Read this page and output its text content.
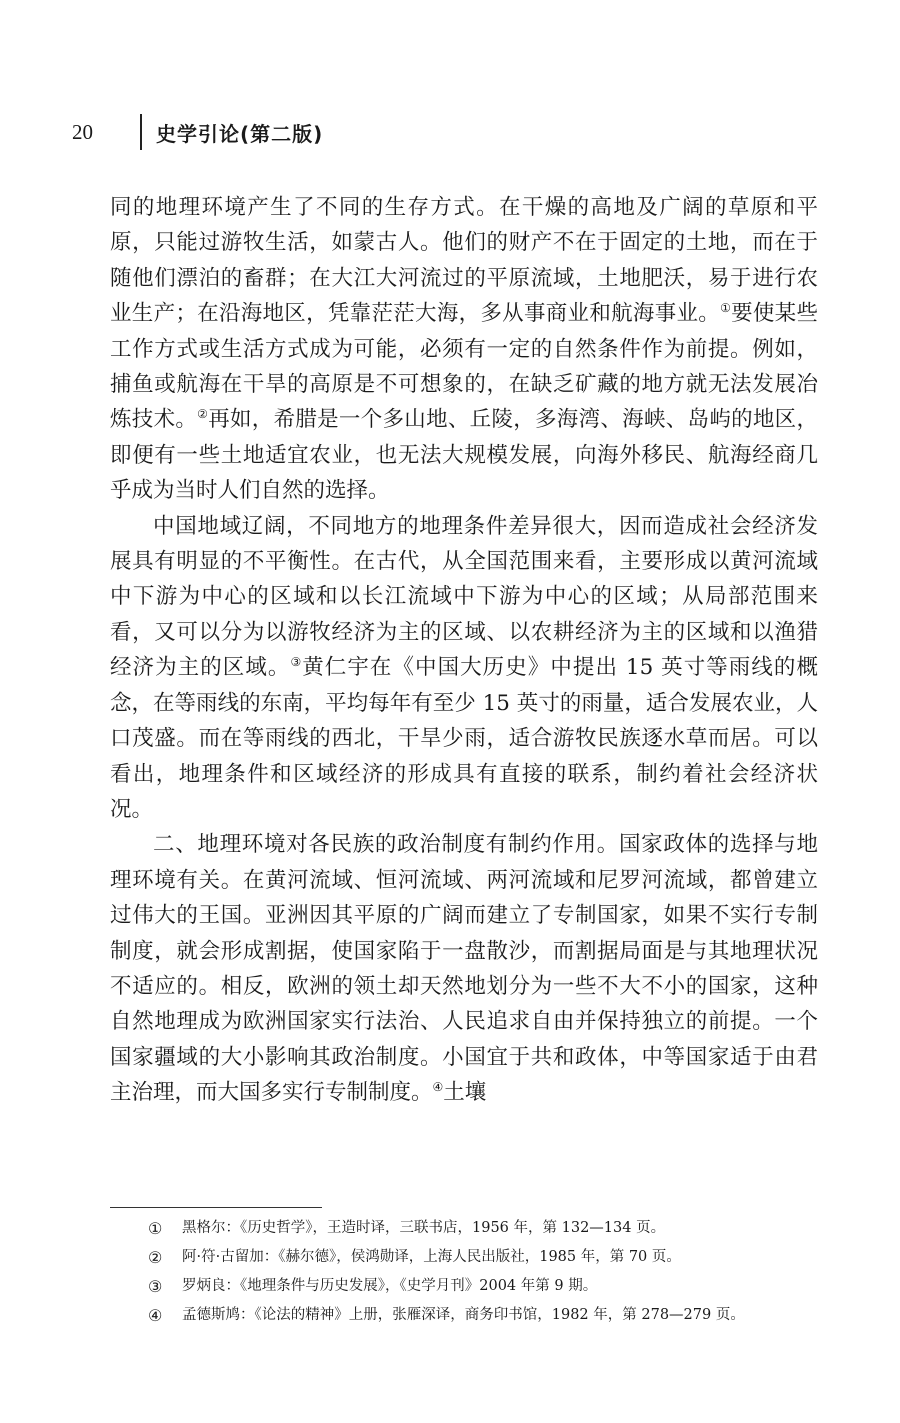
20	史学引论(第二版)

同的地理环境产生了不同的生存方式。在干燥的高地及广阔的草原和平原，只能过游牧生活，如蒙古人。他们的财产不在于固定的土地，而在于随他们漂泊的畜群；在大江大河流过的平原流域，土地肥沃，易于进行农业生产；在沿海地区，凭靠茫茫大海，多从事商业和航海事业。①要使某些工作方式或生活方式成为可能，必须有一定的自然条件作为前提。例如，捕鱼或航海在干旱的高原是不可想象的，在缺乏矿藏的地方就无法发展冶炼技术。②再如，希腊是一个多山地、丘陵，多海湾、海峡、岛屿的地区，即便有一些土地适宜农业，也无法大规模发展，向海外移民、航海经商几乎成为当时人们自然的选择。

中国地域辽阔，不同地方的地理条件差异很大，因而造成社会经济发展具有明显的不平衡性。在古代，从全国范围来看，主要形成以黄河流域中下游为中心的区域和以长江流域中下游为中心的区域；从局部范围来看，又可以分为以游牧经济为主的区域、以农耕经济为主的区域和以渔猎经济为主的区域。③黄仁宇在《中国大历史》中提出 15 英寸等雨线的概念，在等雨线的东南，平均每年有至少 15 英寸的雨量，适合发展农业，人口茂盛。而在等雨线的西北，干旱少雨，适合游牧民族逐水草而居。可以看出，地理条件和区域经济的形成具有直接的联系，制约着社会经济状况。

二、地理环境对各民族的政治制度有制约作用。国家政体的选择与地理环境有关。在黄河流域、恒河流域、两河流域和尼罗河流域，都曾建立过伟大的王国。亚洲因其平原的广阔而建立了专制国家，如果不实行专制制度，就会形成割据，使国家陷于一盘散沙，而割据局面是与其地理状况不适应的。相反，欧洲的领土却天然地划分为一些不大不小的国家，这种自然地理成为欧洲国家实行法治、人民追求自由并保持独立的前提。一个国家疆域的大小影响其政治制度。小国宜于共和政体，中等国家适于由君主治理，而大国多实行专制制度。④土壤

①	黑格尔：《历史哲学》，王造时译，三联书店，1956 年，第 132—134 页。
②	阿·符·古留加：《赫尔德》，侯鸿勋译，上海人民出版社，1985 年，第 70 页。
③	罗炳良：《地理条件与历史发展》，《史学月刊》2004 年第 9 期。
④	孟德斯鸠：《论法的精神》上册，张雁深译，商务印书馆，1982 年，第 278—279 页。
